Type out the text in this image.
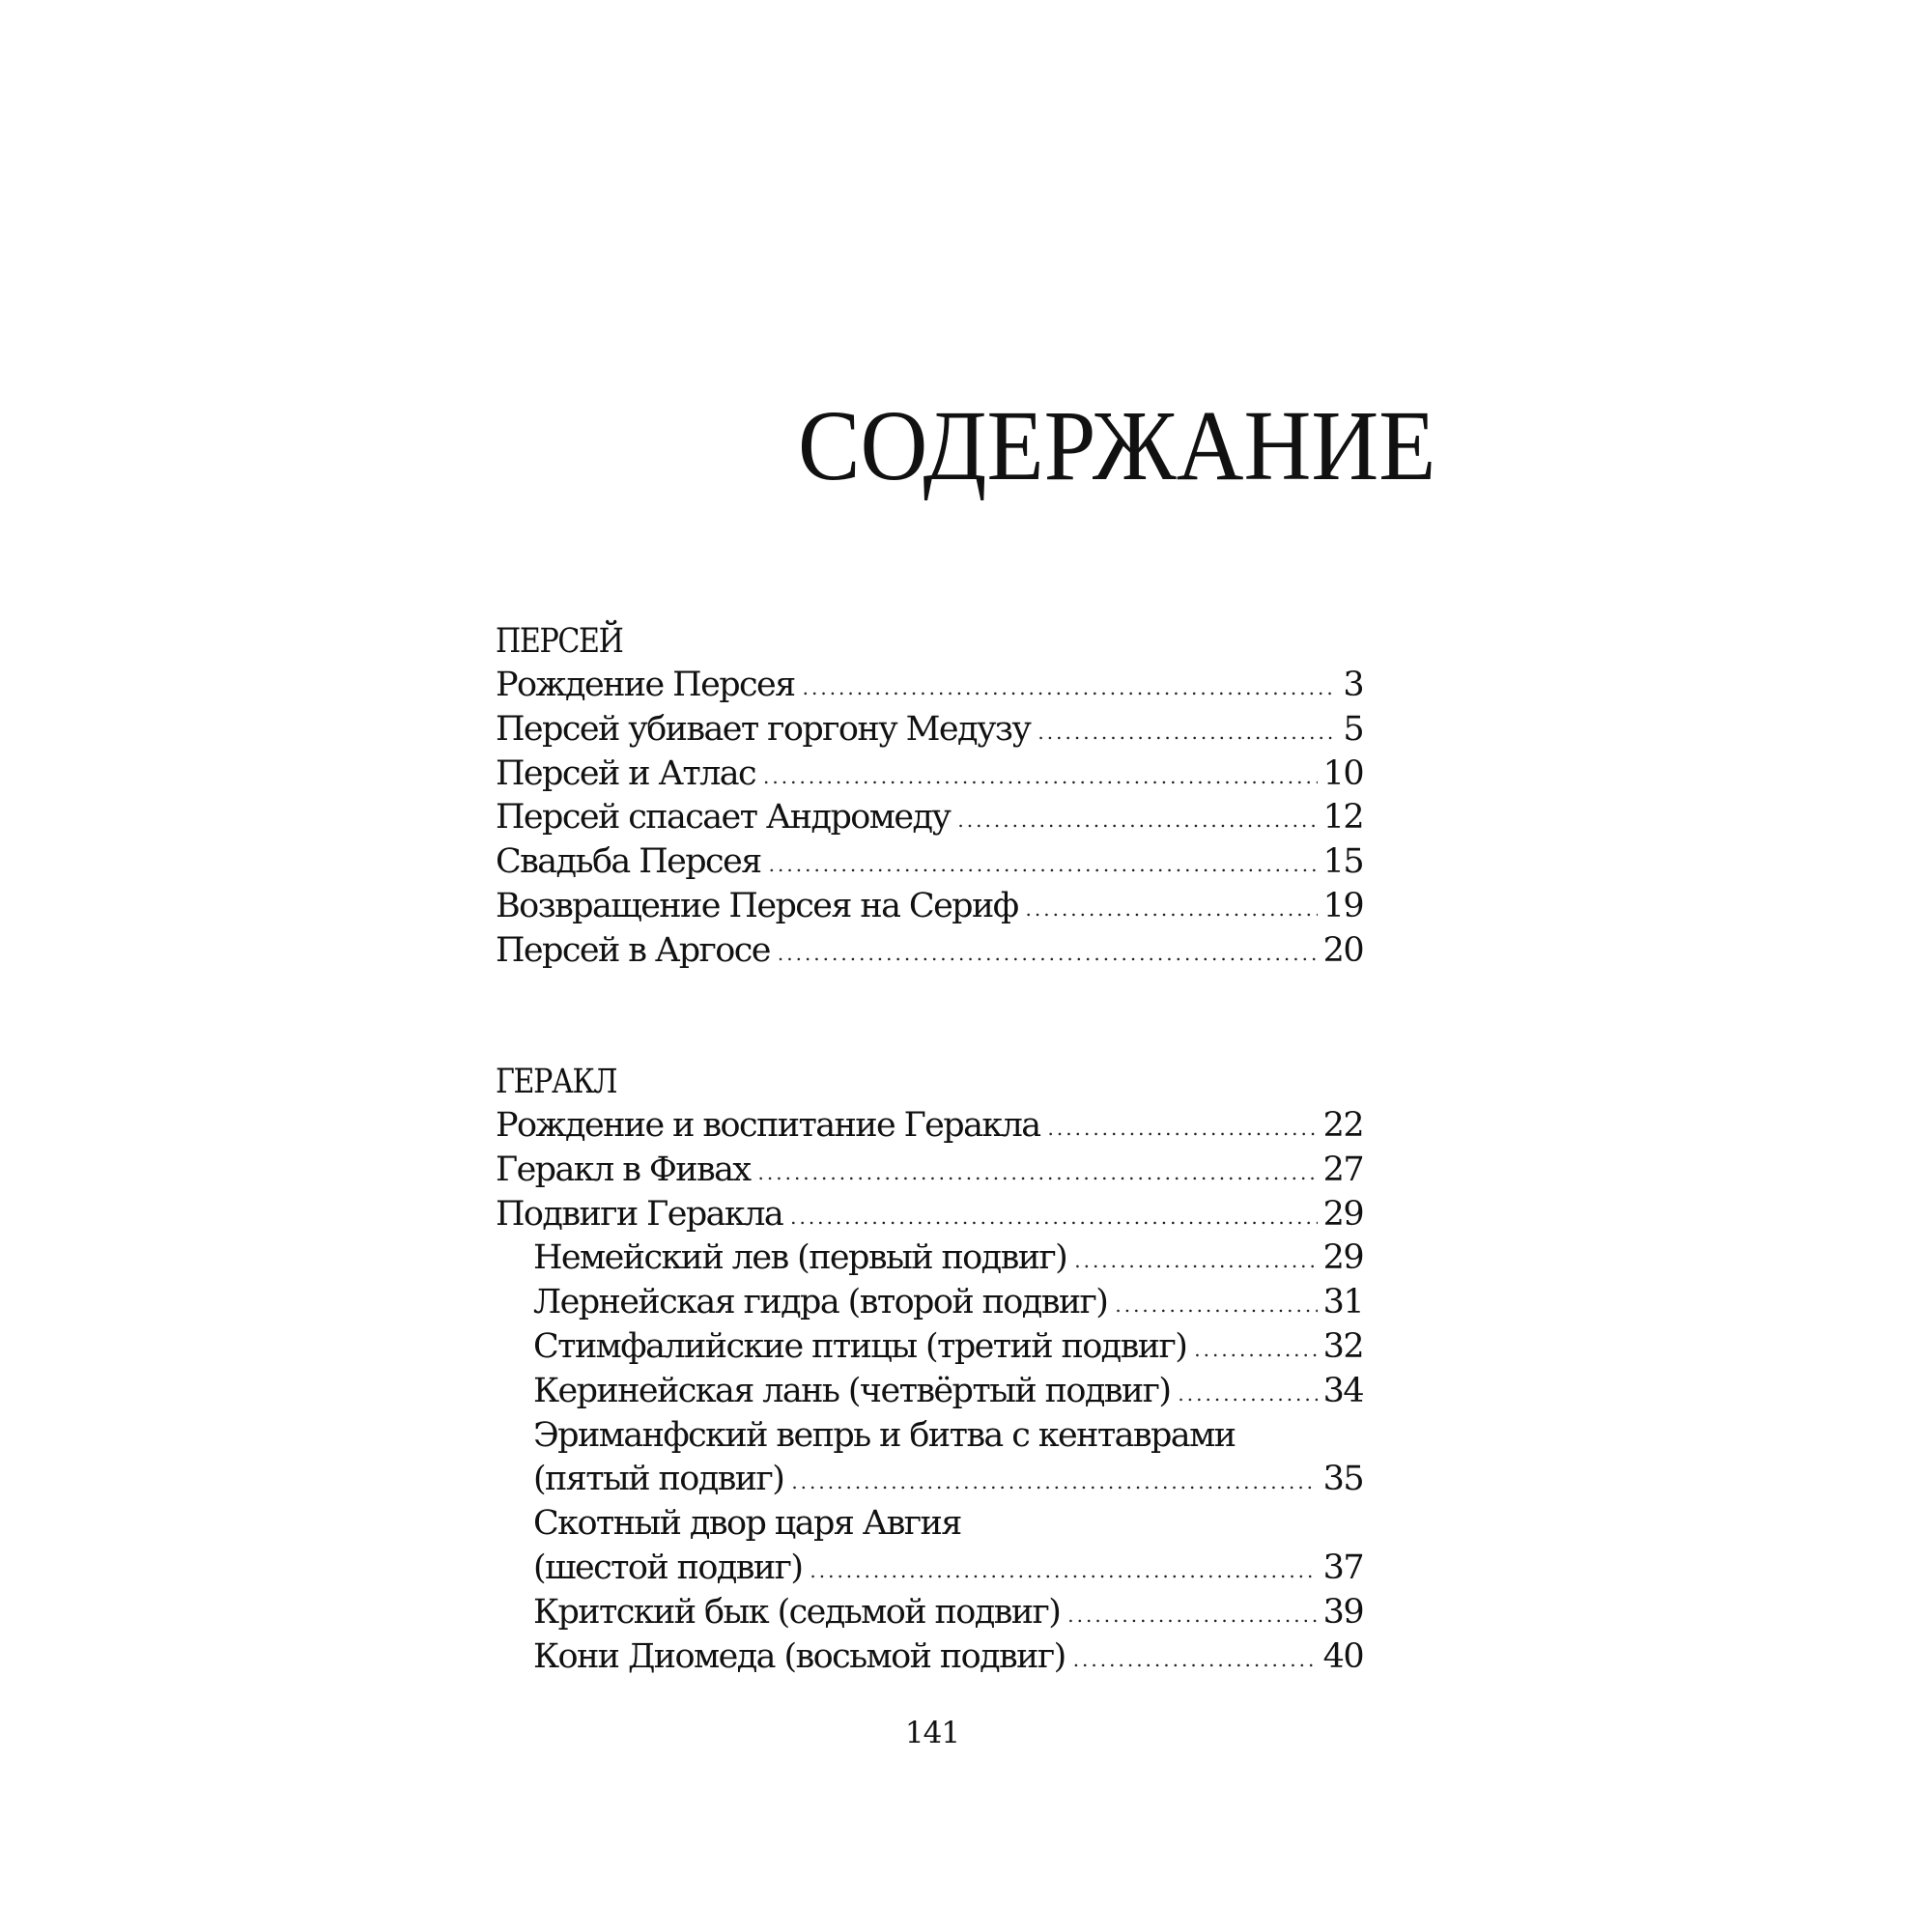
СОДЕРЖАНИЕ
ПЕРСЕЙ
Рождение Персея .....	3
Персей убивает горгону Медузу .....	5
Персей и Атлас .....	10
Персей спасает Андромеду .....	12
Свадьба Персея .....	15
Возвращение Персея на Сериф .....	19
Персей в Аргосе .....	20
ГЕРАКЛ
Рождение и воспитание Геракла .....	22
Геракл в Фивах .....	27
Подвиги Геракла .....	29
Немейский лев (первый подвиг) .....	29
Лернейская гидра (второй подвиг) .....	31
Стимфалийские птицы (третий подвиг) .....	32
Керинейская лань (четвёртый подвиг) .....	34
Эриманфский вепрь и битва с кентаврами
(пятый подвиг) .....	35
Скотный двор царя Авгия
(шестой подвиг) .....	37
Критский бык (седьмой подвиг) .....	39
Кони Диомеда (восьмой подвиг) .....	40
141
